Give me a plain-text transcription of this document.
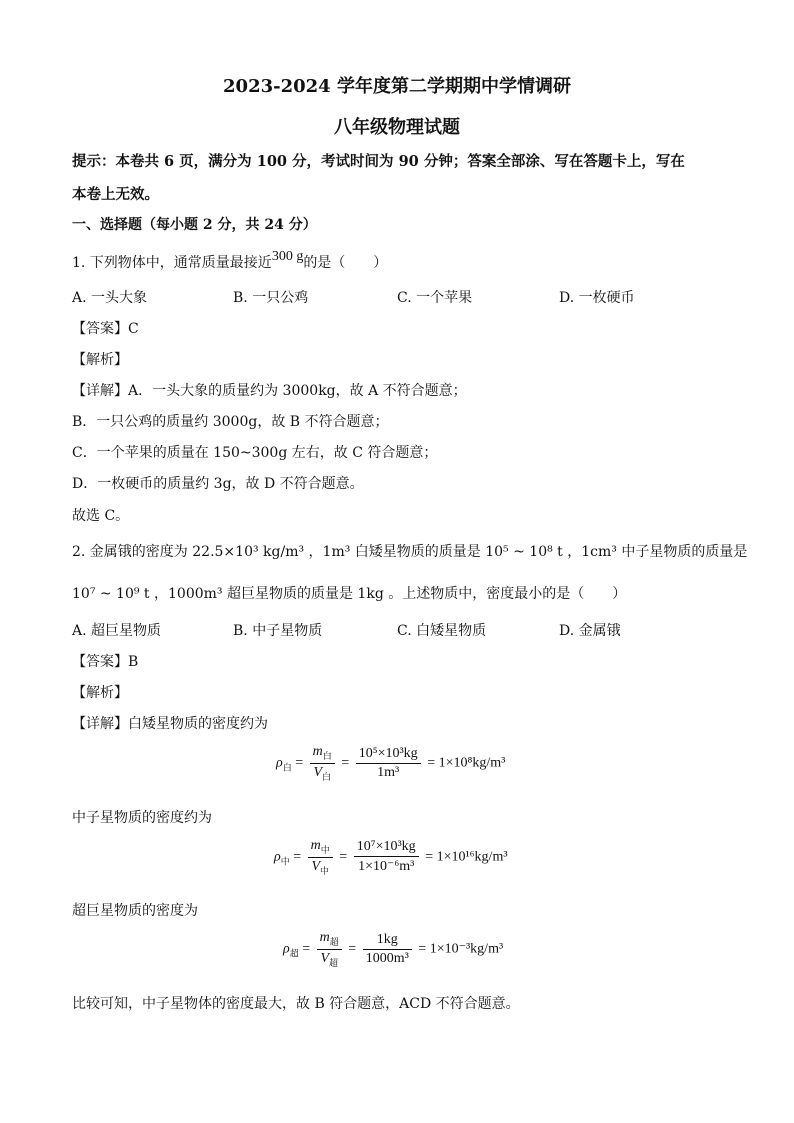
2023-2024 学年度第二学期期中学情调研
八年级物理试题
提示：本卷共 6 页，满分为 100 分，考试时间为 90 分钟；答案全部涂、写在答题卡上，写在
本卷上无效。
一、选择题（每小题 2 分，共 24 分）
1. 下列物体中，通常质量最接近300 g的是（　　）
A. 一头大象	B. 一只公鸡	C. 一个苹果	D. 一枚硬币
【答案】C
【解析】
【详解】A．一头大象的质量约为 3000kg，故 A 不符合题意；
B．一只公鸡的质量约 3000g，故 B 不符合题意；
C．一个苹果的质量在 150~300g 左右，故 C 符合题意；
D．一枚硬币的质量约 3g，故 D 不符合题意。
故选 C。
2. 金属锇的密度为 22.5×10³ kg/m³ ，1m³ 白矮星物质的质量是 10⁵ ~ 10⁸ t ，1cm³ 中子星物质的质量是
10⁷ ~ 10⁹ t ，1000m³ 超巨星物质的质量是 1kg 。上述物质中，密度最小的是（　　）
A. 超巨星物质	B. 中子星物质	C. 白矮星物质	D. 金属锇
【答案】B
【解析】
【详解】白矮星物质的密度约为
$\rho_白 = \frac{m_白}{V_白} = \frac{\text{10⁵×10³kg}}{\text{1m³}} = 1\times 10^8kg/m^3$
中子星物质的密度约为
$\rho_中 = \frac{m_中}{V_中} = \frac{\text{10⁷×10³kg}}{\text{1×10⁻⁶m³}} = 1\times 10^{16}kg/m^3$
超巨星物质的密度为
$\rho_超 = \frac{m_超}{V_超} = \frac{1kg}{\text{1000m³}} = 1\times 10^{-3}kg/m^3$
比较可知，中子星物体的密度最大，故 B 符合题意，ACD 不符合题意。
